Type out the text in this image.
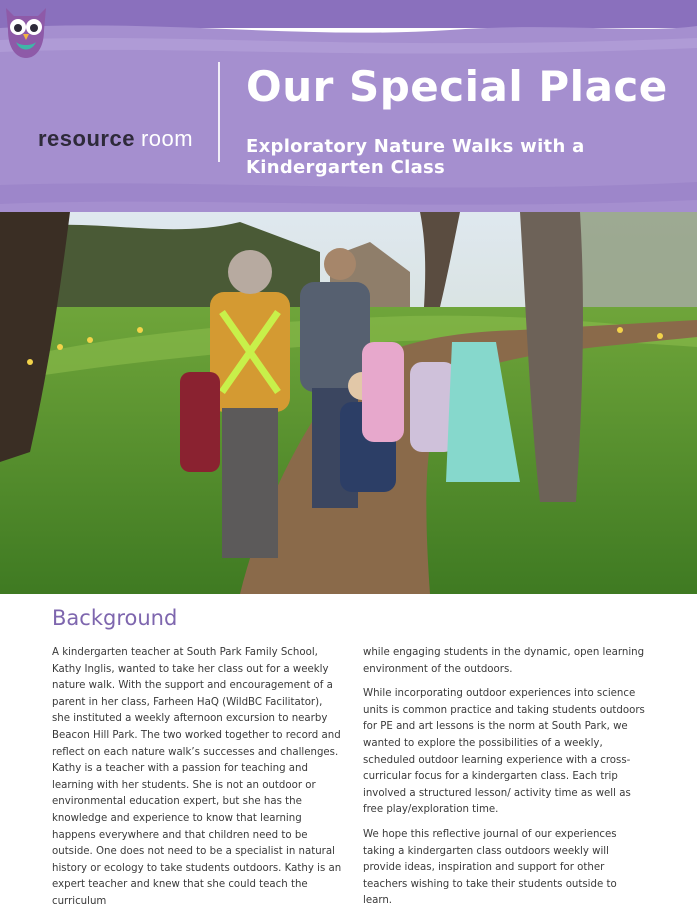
resource room
Our Special Place
Exploratory Nature Walks with a Kindergarten Class
Background

A kindergarten teacher at South Park Family School, Kathy Inglis, wanted to take her class out for a weekly nature walk. With the support and encouragement of a parent in her class, Farheen HaQ (WildBC Facilitator), she instituted a weekly afternoon excursion to nearby Beacon Hill Park. The two worked together to record and reflect on each nature walk’s successes and challenges. Kathy is a teacher with a passion for teaching and learning with her students. She is not an outdoor or environmental education expert, but she has the knowledge and experience to know that learning happens everywhere and that children need to be outside. One does not need to be a specialist in natural history or ecology to take students outdoors. Kathy is an expert teacher and knew that she could teach the curriculum

while engaging students in the dynamic, open learning environment of the outdoors.

While incorporating outdoor experiences into science units is common practice and taking students outdoors for PE and art lessons is the norm at South Park, we wanted to explore the possibilities of a weekly, scheduled outdoor learning experience with a cross-curricular focus for a kindergarten class. Each trip involved a structured lesson/ activity time as well as free play/exploration time.

We hope this reflective journal of our experiences taking a kindergarten class outdoors weekly will provide ideas, inspiration and support for other teachers wishing to take their students outside to learn.
